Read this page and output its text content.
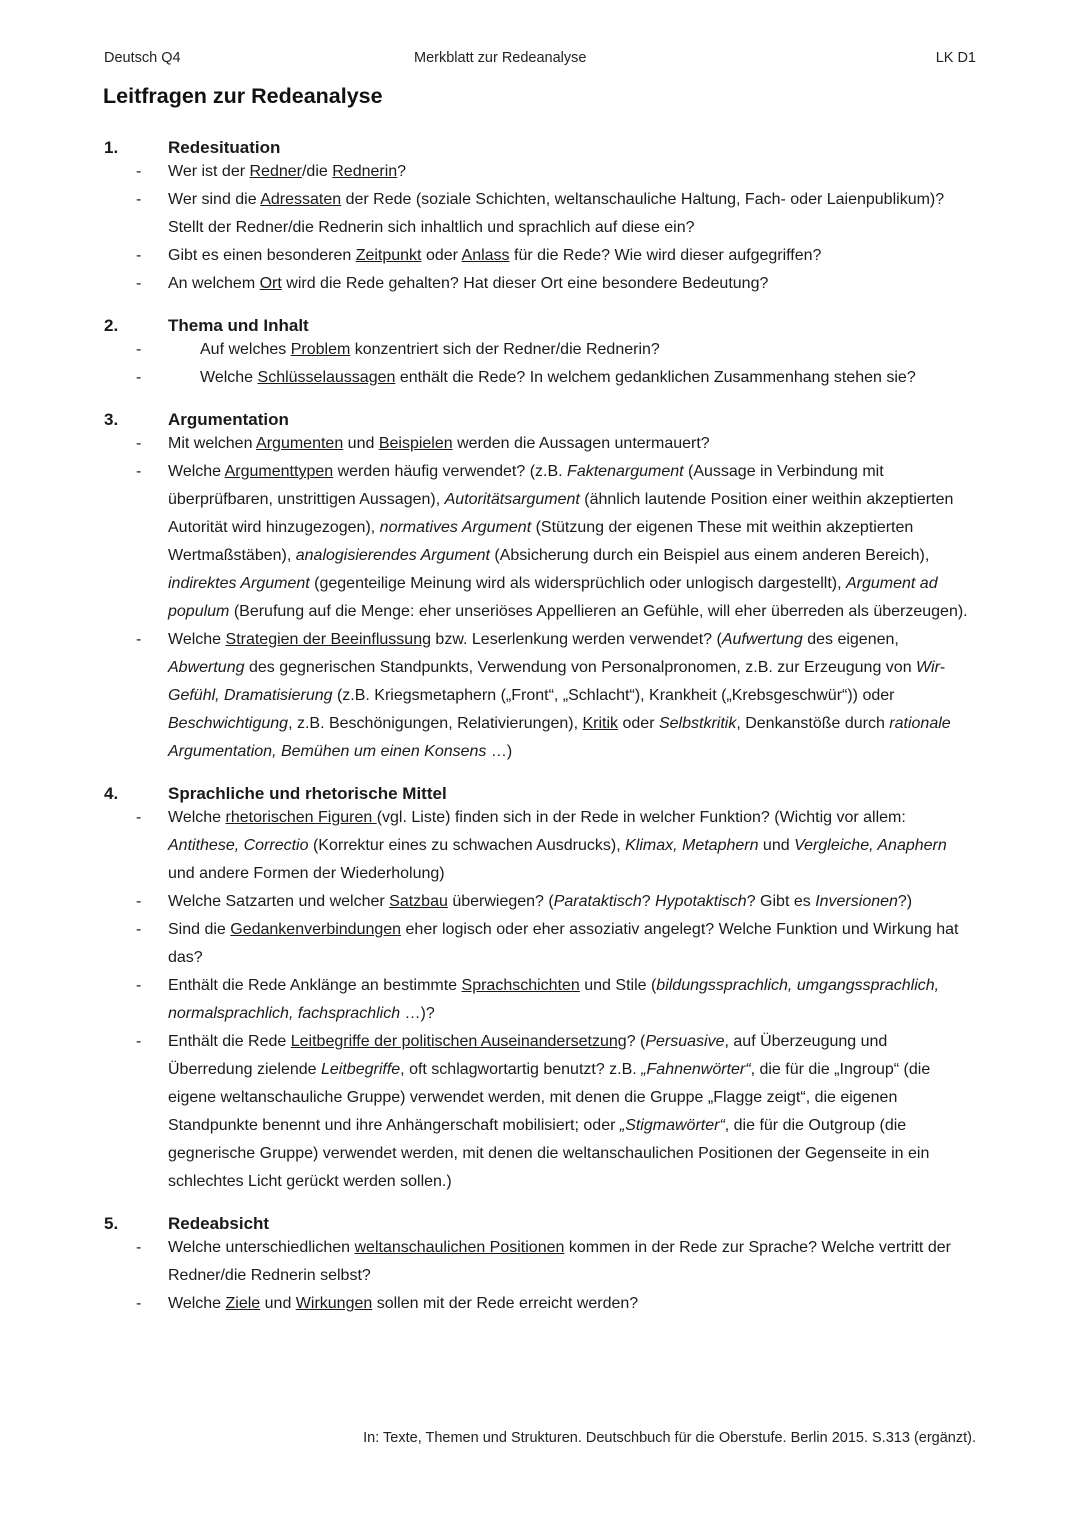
Deutsch Q4	Merkblatt zur Redeanalyse	LK D1
Leitfragen zur Redeanalyse
1.	Redesituation
-	Wer ist der Redner/die Rednerin?
-	Wer sind die Adressaten der Rede (soziale Schichten, weltanschauliche Haltung, Fach- oder Laienpublikum)? Stellt der Redner/die Rednerin sich inhaltlich und sprachlich auf diese ein?
-	Gibt es einen besonderen Zeitpunkt oder Anlass für die Rede? Wie wird dieser aufgegriffen?
-	An welchem Ort wird die Rede gehalten? Hat dieser Ort eine besondere Bedeutung?
2.	Thema und Inhalt
-	Auf welches Problem konzentriert sich der Redner/die Rednerin?
-	Welche Schlüsselaussagen enthält die Rede? In welchem gedanklichen Zusammenhang stehen sie?
3.	Argumentation
-	Mit welchen Argumenten und Beispielen werden die Aussagen untermauert?
-	Welche Argumenttypen werden häufig verwendet? (z.B. Faktenargument (Aussage in Verbindung mit überprüfbaren, unstrittigen Aussagen), Autoritätsargument (ähnlich lautende Position einer weithin akzeptierten Autorität wird hinzugezogen), normatives Argument (Stützung der eigenen These mit weithin akzeptierten Wertmaßstäben), analogisierendes Argument (Absicherung durch ein Beispiel aus einem anderen Bereich), indirektes Argument (gegenteilige Meinung wird als widersprüchlich oder unlogisch dargestellt), Argument ad populum (Berufung auf die Menge: eher unseriöses Appellieren an Gefühle, will eher überreden als überzeugen).
-	Welche Strategien der Beeinflussung bzw. Leserlenkung werden verwendet? (Aufwertung des eigenen, Abwertung des gegnerischen Standpunkts, Verwendung von Personalpronomen, z.B. zur Erzeugung von Wir-Gefühl, Dramatisierung (z.B. Kriegsmetaphern („Front“, „Schlacht“), Krankheit („Krebsgeschwür“)) oder Beschwichtigung, z.B. Beschönigungen, Relativierungen), Kritik oder Selbstkritik, Denkanstöße durch rationale Argumentation, Bemühen um einen Konsens …)
4.	Sprachliche und rhetorische Mittel
-	Welche rhetorischen Figuren (vgl. Liste) finden sich in der Rede in welcher Funktion? (Wichtig vor allem: Antithese, Correctio (Korrektur eines zu schwachen Ausdrucks), Klimax, Metaphern und Vergleiche, Anaphern und andere Formen der Wiederholung)
-	Welche Satzarten und welcher Satzbau überwiegen? (Parataktisch? Hypotaktisch? Gibt es Inversionen?)
-	Sind die Gedankenverbindungen eher logisch oder eher assoziativ angelegt? Welche Funktion und Wirkung hat das?
-	Enthält die Rede Anklänge an bestimmte Sprachschichten und Stile (bildungssprachlich, umgangssprachlich, normalsprachlich, fachsprachlich …)?
-	Enthält die Rede Leitbegriffe der politischen Auseinandersetzung? (Persuasive, auf Überzeugung und Überredung zielende Leitbegriffe, oft schlagwortartig benutzt? z.B. „Fahnenwörter“, die für die „Ingroup“ (die eigene weltanschauliche Gruppe) verwendet werden, mit denen die Gruppe „Flagge zeigt“, die eigenen Standpunkte benennt und ihre Anhängerschaft mobilisiert; oder „Stigmawörter“, die für die Outgroup (die gegnerische Gruppe) verwendet werden, mit denen die weltanschaulichen Positionen der Gegenseite in ein schlechtes Licht gerückt werden sollen.)
5.	Redeabsicht
-	Welche unterschiedlichen weltanschaulichen Positionen kommen in der Rede zur Sprache? Welche vertritt der Redner/die Rednerin selbst?
-	Welche Ziele und Wirkungen sollen mit der Rede erreicht werden?
In: Texte, Themen und Strukturen. Deutschbuch für die Oberstufe. Berlin 2015. S.313 (ergänzt).
